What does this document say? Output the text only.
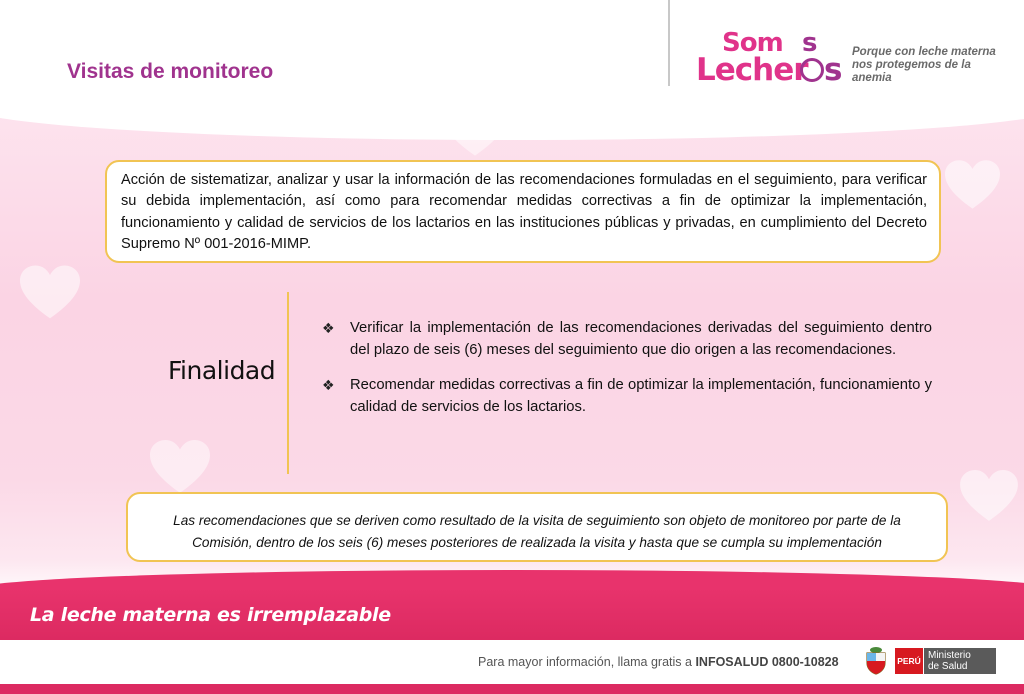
Visitas de monitoreo
Som s
Lecher s Porque con leche materna
nos protegemos de la anemia

Acción de sistematizar, analizar y usar la información de las recomendaciones formuladas en el seguimiento, para verificar su debida implementación, así como para recomendar medidas correctivas a fin de optimizar la implementación, funcionamiento y calidad de servicios de los lactarios en las instituciones públicas y privadas, en cumplimiento del Decreto Supremo Nº 001-2016-MIMP.

Finalidad
❖	Verificar la implementación de las recomendaciones derivadas del seguimiento dentro del plazo de seis (6) meses del seguimiento que dio origen a las recomendaciones.
❖	Recomendar medidas correctivas a fin de optimizar la implementación, funcionamiento y calidad de servicios de los lactarios.

Las recomendaciones que se deriven como resultado de la visita de seguimiento son objeto de monitoreo por parte de la Comisión, dentro de los seis (6) meses posteriores de realizada la visita y hasta que se cumpla su implementación

La leche materna es irremplazable
Para mayor información, llama gratis a INFOSALUD 0800-10828	PERÚ Ministerio
de Salud
